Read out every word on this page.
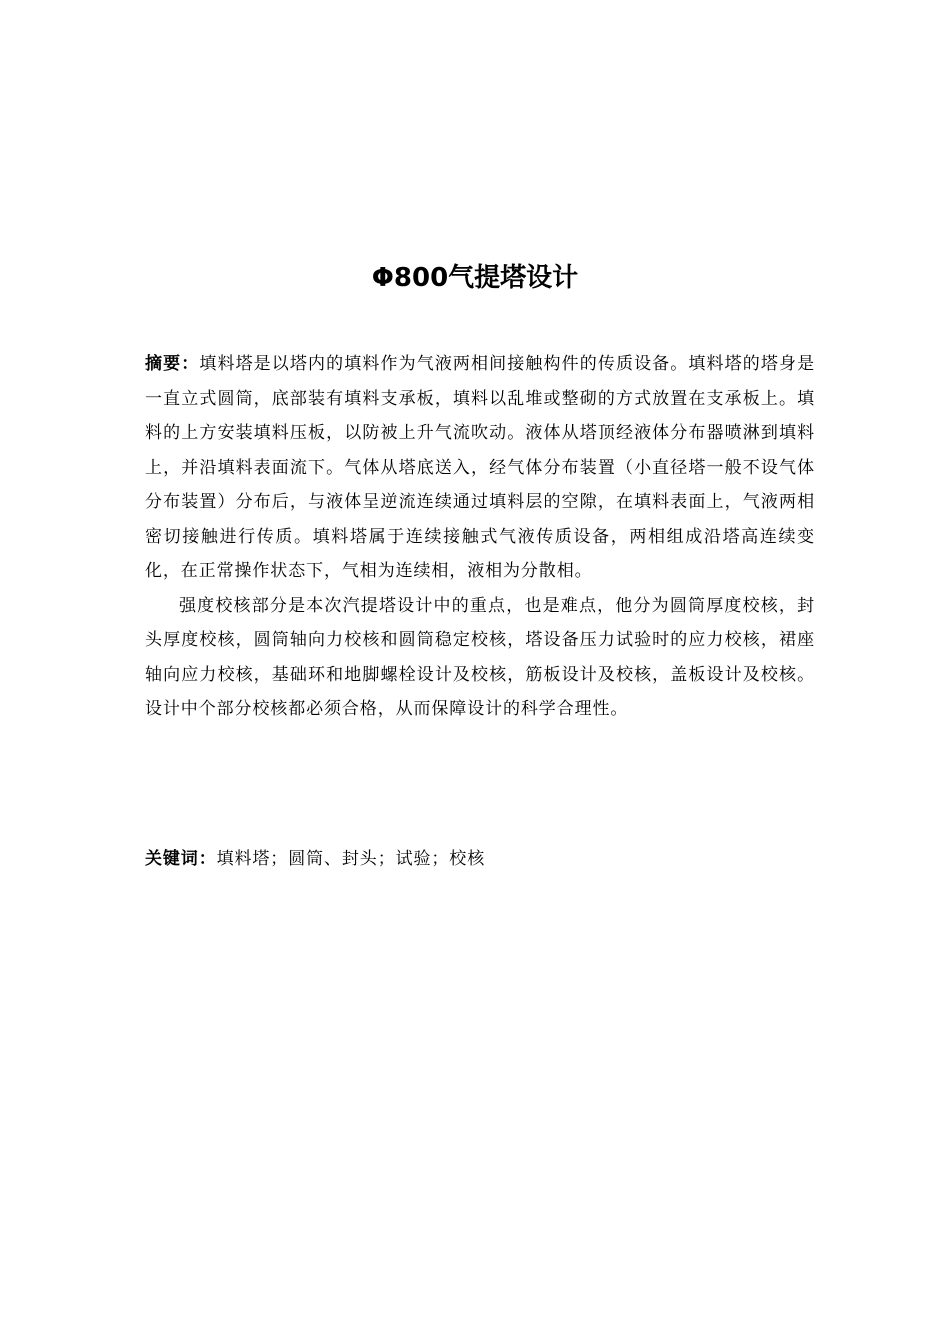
Φ800气提塔设计

摘要：填料塔是以塔内的填料作为气液两相间接触构件的传质设备。填料塔的塔身是一直立式圆筒，底部装有填料支承板，填料以乱堆或整砌的方式放置在支承板上。填料的上方安装填料压板，以防被上升气流吹动。液体从塔顶经液体分布器喷淋到填料上，并沿填料表面流下。气体从塔底送入，经气体分布装置（小直径塔一般不设气体分布装置）分布后，与液体呈逆流连续通过填料层的空隙，在填料表面上，气液两相密切接触进行传质。填料塔属于连续接触式气液传质设备，两相组成沿塔高连续变化，在正常操作状态下，气相为连续相，液相为分散相。

强度校核部分是本次汽提塔设计中的重点，也是难点，他分为圆筒厚度校核，封头厚度校核，圆筒轴向力校核和圆筒稳定校核，塔设备压力试验时的应力校核，裙座轴向应力校核，基础环和地脚螺栓设计及校核，筋板设计及校核，盖板设计及校核。设计中个部分校核都必须合格，从而保障设计的科学合理性。

关键词：填料塔；圆筒、封头；试验；校核
